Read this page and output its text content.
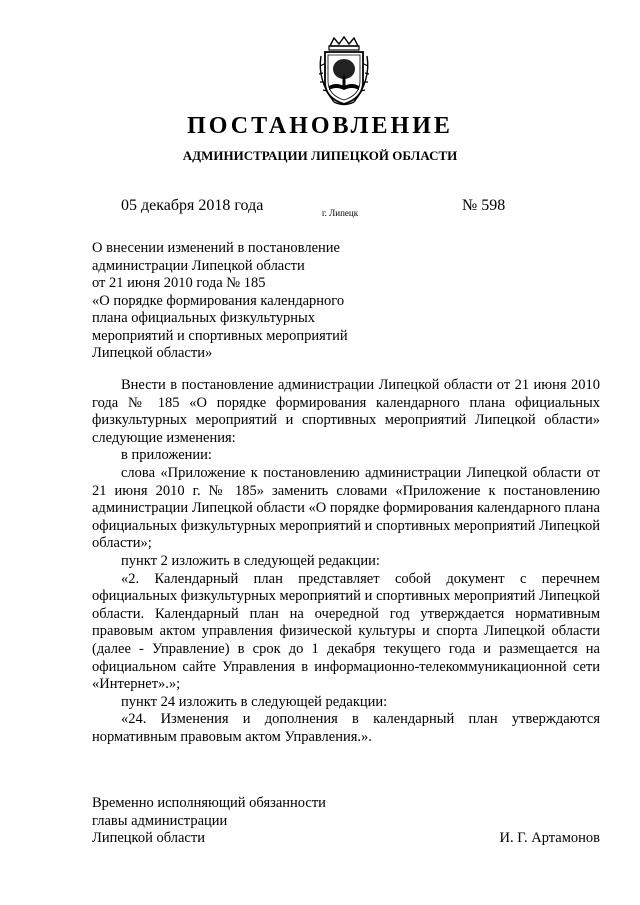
ПОСТАНОВЛЕНИЕ
АДМИНИСТРАЦИИ ЛИПЕЦКОЙ ОБЛАСТИ
05 декабря 2018 года	г. Липецк	№ 598
О внесении изменений в постановление
администрации Липецкой области
от 21 июня 2010 года № 185
«О порядке формирования календарного
плана официальных физкультурных
мероприятий и спортивных мероприятий
Липецкой области»

Внести в постановление администрации Липецкой области от 21 июня 2010 года № 185 «О порядке формирования календарного плана официальных физкультурных мероприятий и спортивных мероприятий Липецкой области» следующие изменения:

в приложении:

слова «Приложение к постановлению администрации Липецкой области от 21 июня 2010 г. № 185» заменить словами «Приложение к постановлению администрации Липецкой области «О порядке формирования календарного плана официальных физкультурных мероприятий и спортивных мероприятий Липецкой области»;

пункт 2 изложить в следующей редакции:

«2. Календарный план представляет собой документ с перечнем официальных физкультурных мероприятий и спортивных мероприятий Липецкой области. Календарный план на очередной год утверждается нормативным правовым актом управления физической культуры и спорта Липецкой области (далее - Управление) в срок до 1 декабря текущего года и размещается на официальном сайте Управления в информационно-телекоммуникационной сети «Интернет».»;

пункт 24 изложить в следующей редакции:

«24. Изменения и дополнения в календарный план утверждаются нормативным правовым актом Управления.».

Временно исполняющий обязанности
главы администрации
Липецкой области	И. Г. Артамонов
